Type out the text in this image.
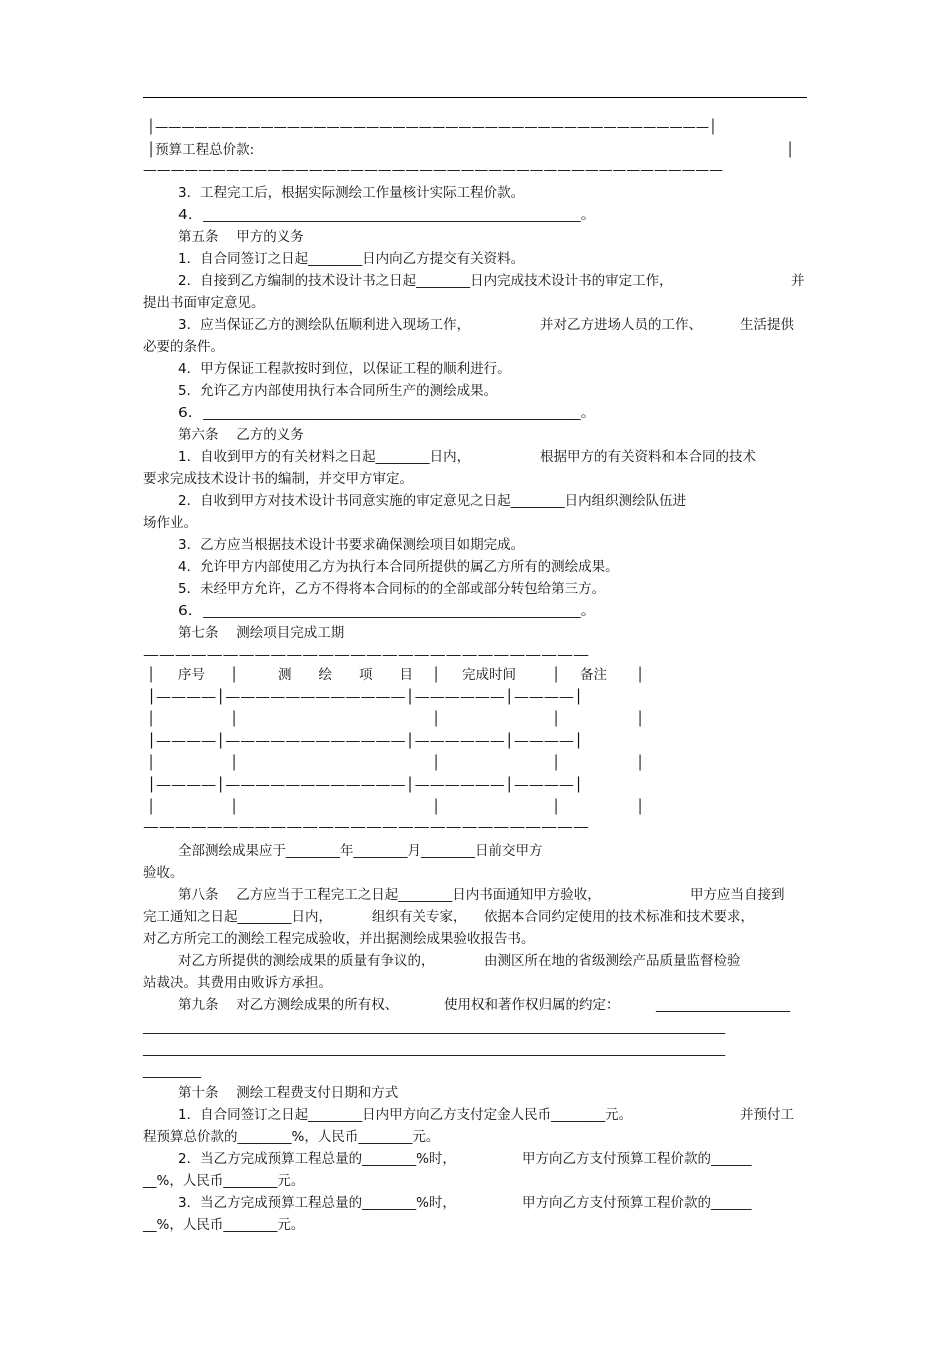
│——————————————————————————————————————————│
│预算工程总价款:	│
——————————————————————————————————————————
3．工程完工后，根据实际测绘工作量核计实际工程价款。
4．_________________________________________________。
第五条　 甲方的义务
1．自合同签订之日起________日内向乙方提交有关资料。
2．自接到乙方编制的技术设计书之日起________日内完成技术设计书的审定工作，	并
提出书面审定意见。
3．应当保证乙方的测绘队伍顺利进入现场工作，	并对乙方进场人员的工作、	生活提供
必要的条件。
4．甲方保证工程款按时到位，以保证工程的顺利进行。
5．允许乙方内部使用执行本合同所生产的测绘成果。
6．_________________________________________________。
第六条　 乙方的义务
1．自收到甲方的有关材料之日起________日内，	根据甲方的有关资料和本合同的技术
要求完成技术设计书的编制，并交甲方审定。
2．自收到甲方对技术设计书同意实施的审定意见之日起________日内组织测绘队伍进
场作业。
3．乙方应当根据技术设计书要求确保测绘项目如期完成。
4．允许甲方内部使用乙方为执行本合同所提供的属乙方所有的测绘成果。
5．未经甲方允许，乙方不得将本合同标的的全部或部分转包给第三方。
6．_________________________________________________。
第七条　 测绘项目完成工期
————————————————————————————
│ 序号 │	测　　绘　　项　　目 │ 完成时间	│ 备注 │
│————│————————————│——————│————│
│	│	│	│	│
│————│————————————│——————│————│
│	│	│	│	│
│————│————————————│——————│————│
│	│	│	│	│
————————————————————————————
全部测绘成果应于________年________月________日前交甲方
验收。
第八条　 乙方应当于工程完工之日起________日内书面通知甲方验收，	甲方应当自接到
完工通知之日起________日内，	组织有关专家， 依据本合同约定使用的技术标准和技术要求，
对乙方所完工的测绘工程完成验收，并出据测绘成果验收报告书。
对乙方所提供的测绘成果的质量有争议的，	由测区所在地的省级测绘产品质量监督检验
站裁决。其费用由败诉方承担。
第九条　 对乙方测绘成果的所有权、	使用权和著作权归属的约定：	_________________
____________________________________________________________________
____________________________________________________________________
_______
第十条　 测绘工程费支付日期和方式
1．自合同签订之日起________日内甲方向乙方支付定金人民币________元。	并预付工
程预算总价款的________%，人民币________元。
2．当乙方完成预算工程总量的________%时，	甲方向乙方支付预算工程价款的______
__%，人民币________元。
3．当乙方完成预算工程总量的________%时，	甲方向乙方支付预算工程价款的______
__%，人民币________元。
